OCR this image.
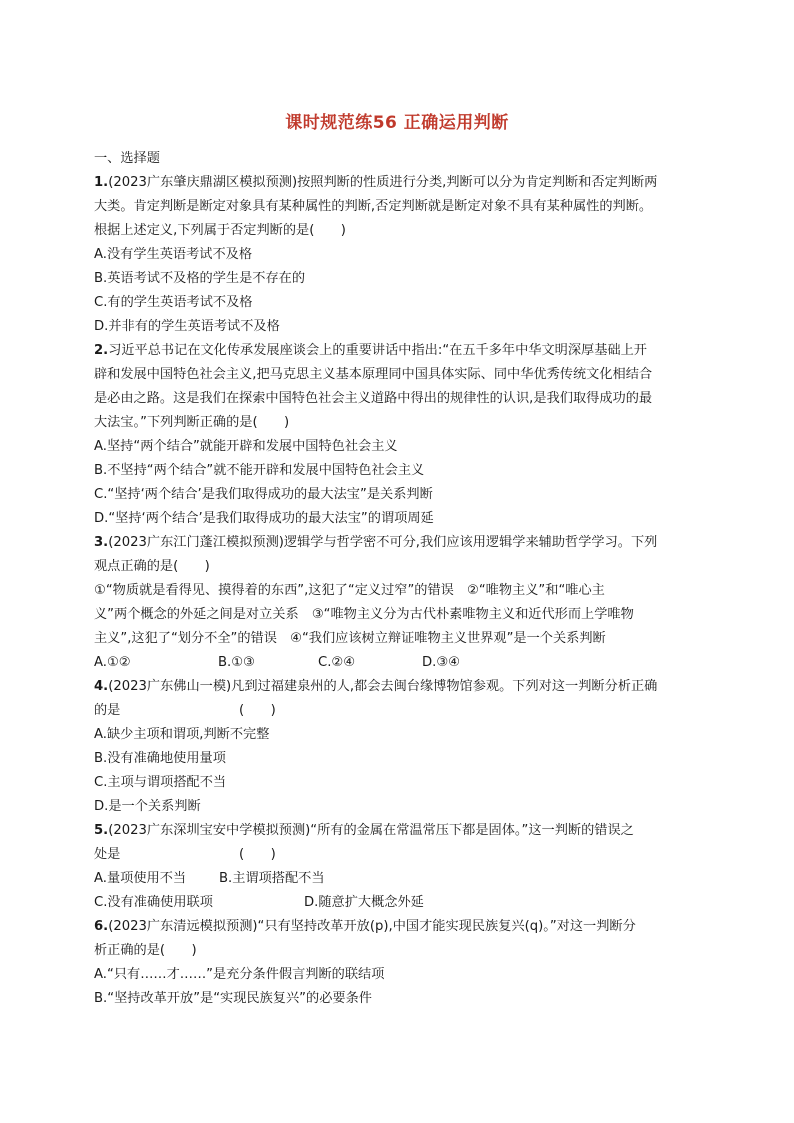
课时规范练56 正确运用判断
一、选择题
1.(2023广东肇庆鼎湖区模拟预测)按照判断的性质进行分类,判断可以分为肯定判断和否定判断两
大类。肯定判断是断定对象具有某种属性的判断,否定判断就是断定对象不具有某种属性的判断。
根据上述定义,下列属于否定判断的是(　　)
A.没有学生英语考试不及格
B.英语考试不及格的学生是不存在的
C.有的学生英语考试不及格
D.并非有的学生英语考试不及格
2.习近平总书记在文化传承发展座谈会上的重要讲话中指出:“在五千多年中华文明深厚基础上开
辟和发展中国特色社会主义,把马克思主义基本原理同中国具体实际、同中华优秀传统文化相结合
是必由之路。这是我们在探索中国特色社会主义道路中得出的规律性的认识,是我们取得成功的最
大法宝。”下列判断正确的是(　　)
A.坚持“两个结合”就能开辟和发展中国特色社会主义
B.不坚持“两个结合”就不能开辟和发展中国特色社会主义
C.“坚持‘两个结合’是我们取得成功的最大法宝”是关系判断
D.“坚持‘两个结合’是我们取得成功的最大法宝”的谓项周延
3.(2023广东江门蓬江模拟预测)逻辑学与哲学密不可分,我们应该用逻辑学来辅助哲学学习。下列
观点正确的是(　　)
①“物质就是看得见、摸得着的东西”,这犯了“定义过窄”的错误　②“唯物主义”和“唯心主
义”两个概念的外延之间是对立关系　③“唯物主义分为古代朴素唯物主义和近代形而上学唯物
主义”,这犯了“划分不全”的错误　④“我们应该树立辩证唯物主义世界观”是一个关系判断
A.①②	B.①③	C.②④	D.③④
4.(2023广东佛山一模)凡到过福建泉州的人,都会去闽台缘博物馆参观。下列对这一判断分析正确
的是　　　　　　　　　(　　)
A.缺少主项和谓项,判断不完整
B.没有准确地使用量项
C.主项与谓项搭配不当
D.是一个关系判断
5.(2023广东深圳宝安中学模拟预测)“所有的金属在常温常压下都是固体。”这一判断的错误之
处是　　　　　　　　　(　　)
A.量项使用不当	B.主谓项搭配不当
C.没有准确使用联项	D.随意扩大概念外延
6.(2023广东清远模拟预测)“只有坚持改革开放(p),中国才能实现民族复兴(q)。”对这一判断分
析正确的是(　　)
A.“只有……才……”是充分条件假言判断的联结项
B.“坚持改革开放”是“实现民族复兴”的必要条件
